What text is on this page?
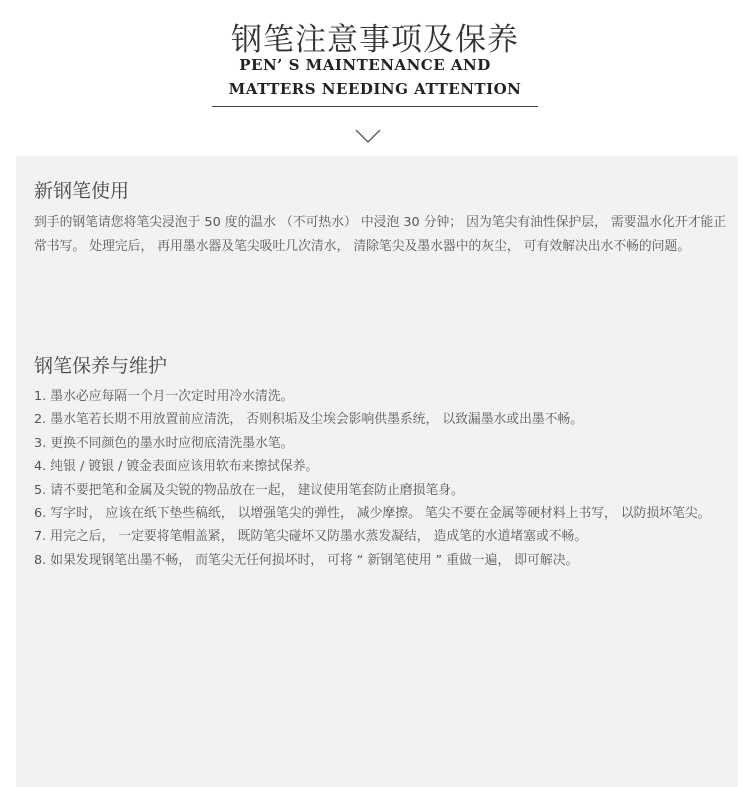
钢笔注意事项及保养
PEN’ S MAINTENANCE AND
MATTERS NEEDING ATTENTION
新钢笔使用
到手的钢笔请您将笔尖浸泡于 50 度的温水 （不可热水） 中浸泡 30 分钟； 因为笔尖有油性保护层， 需要温水化开才能正常书写。 处理完后， 再用墨水器及笔尖吸吐几次清水， 清除笔尖及墨水器中的灰尘， 可有效解决出水不畅的问题。
钢笔保养与维护
1. 墨水必应每隔一个月一次定时用冷水清洗。
2. 墨水笔若长期不用放置前应清洗， 否则积垢及尘埃会影响供墨系统， 以致漏墨水或出墨不畅。
3. 更换不同颜色的墨水时应彻底清洗墨水笔。
4. 纯银 / 镀银 / 镀金表面应该用软布来擦拭保养。
5. 请不要把笔和金属及尖锐的物品放在一起， 建议使用笔套防止磨损笔身。
6. 写字时， 应该在纸下垫些稿纸， 以增强笔尖的弹性， 减少摩擦。 笔尖不要在金属等硬材料上书写， 以防损坏笔尖。
7. 用完之后， 一定要将笔帽盖紧， 既防笔尖碰坏又防墨水蒸发凝结， 造成笔的水道堵塞或不畅。
8. 如果发现钢笔出墨不畅， 而笔尖无任何损坏时， 可将 “ 新钢笔使用 ” 重做一遍， 即可解决。
